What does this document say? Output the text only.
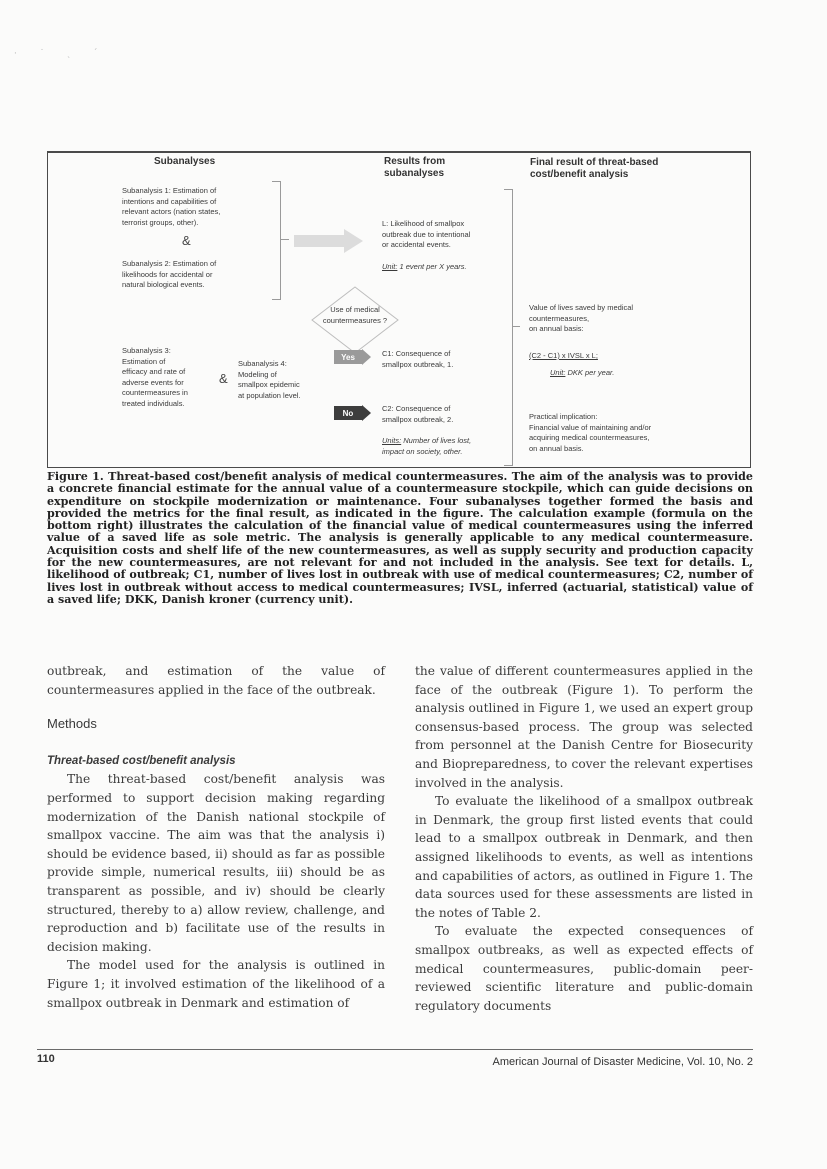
· ˙ ˏ ˊ
Subanalyses	Results from
subanalyses
Final result of threat-based
cost/benefit analysis
Subanalysis 1: Estimation of
intentions and capabilities of
relevant actors (nation states,
terrorist groups, other).
&
Subanalysis 2: Estimation of
likelihoods for accidental or
natural biological events.
L: Likelihood of smallpox
outbreak due to intentional
or accidental events.
Unit: 1 event per X years.
Use of medical
countermeasures ?
Subanalysis 3:
Estimation of
efficacy and rate of
adverse events for
countermeasures in
treated individuals.
&
Subanalysis 4:
Modeling of
smallpox epidemic
at population level.
Yes
No
C1: Consequence of
smallpox outbreak, 1.
C2: Consequence of
smallpox outbreak, 2.
Units: Number of lives lost,
impact on society, other.
Value of lives saved by medical
countermeasures,
on annual basis:
(C2 - C1) x IVSL x L;
Unit: DKK per year.
Practical implication:
Financial value of maintaining and/or
acquiring medical countermeasures,
on annual basis.

Figure 1. Threat-based cost/benefit analysis of medical countermeasures. The aim of the analysis was to provide a concrete financial estimate for the annual value of a countermeasure stockpile, which can guide decisions on expenditure on stockpile modernization or maintenance. Four subanalyses together formed the basis and provided the metrics for the final result, as indicated in the figure. The calculation example (formula on the bottom right) illustrates the calculation of the financial value of medical countermeasures using the inferred value of a saved life as sole metric. The analysis is generally applicable to any medical countermeasure. Acquisition costs and shelf life of the new countermeasures, as well as supply security and production capacity for the new countermeasures, are not relevant for and not included in the analysis. See text for details. L, likelihood of outbreak; C1, number of lives lost in outbreak with use of medical countermeasures; C2, number of lives lost in outbreak without access to medical countermeasures; IVSL, inferred (actuarial, statistical) value of a saved life; DKK, Danish kroner (currency unit).

outbreak, and estimation of the value of countermeasures applied in the face of the outbreak.

Methods
Threat-based cost/benefit analysis

The threat-based cost/benefit analysis was performed to support decision making regarding modernization of the Danish national stockpile of smallpox vaccine. The aim was that the analysis i) should be evidence based, ii) should as far as possible provide simple, numerical results, iii) should be as transparent as possible, and iv) should be clearly structured, thereby to a) allow review, challenge, and reproduction and b) facilitate use of the results in decision making.

The model used for the analysis is outlined in Figure 1; it involved estimation of the likelihood of a smallpox outbreak in Denmark and estimation of

the value of different countermeasures applied in the face of the outbreak (Figure 1). To perform the analysis outlined in Figure 1, we used an expert group consensus-based process. The group was selected from personnel at the Danish Centre for Biosecurity and Biopreparedness, to cover the relevant expertises involved in the analysis.

To evaluate the likelihood of a smallpox outbreak in Denmark, the group first listed events that could lead to a smallpox outbreak in Denmark, and then assigned likelihoods to events, as well as intentions and capabilities of actors, as outlined in Figure 1. The data sources used for these assessments are listed in the notes of Table 2.

To evaluate the expected consequences of smallpox outbreaks, as well as expected effects of medical countermeasures, public-domain peer-reviewed scientific literature and public-domain regulatory documents

110	American Journal of Disaster Medicine, Vol. 10, No. 2
